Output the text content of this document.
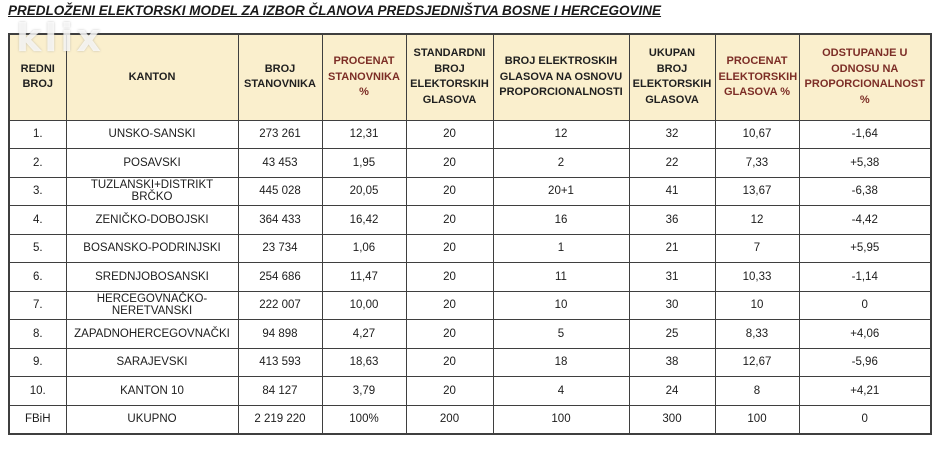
PREDLOŽENI ELEKTORSKI MODEL ZA IZBOR ČLANOVA PREDSJEDNIŠTVA BOSNE I HERCEGOVINE
REDNI BROJ	KANTON	BROJ STANOVNIKA	PROCENAT STANOVNIKA %	STANDARDNI BROJ ELEKTORSKIH GLASOVA	BROJ ELEKTROSKIH GLASOVA NA OSNOVU PROPORCIONALNOSTI	UKUPAN BROJ ELEKTORSKIH GLASOVA	PROCENAT ELEKTORSKIH GLASOVA %	ODSTUPANJE U ODNOSU NA PROPORCIONALNOST %
1.	UNSKO-SANSKI	273 261	12,31	20	12	32	10,67	-1,64
2.	POSAVSKI	43 453	1,95	20	2	22	7,33	+5,38
3.	TUZLANSKI+DISTRIKT BRČKO	445 028	20,05	20	20+1	41	13,67	-6,38
4.	ZENIČKO-DOBOJSKI	364 433	16,42	20	16	36	12	-4,42
5.	BOSANSKO-PODRINJSKI	23 734	1,06	20	1	21	7	+5,95
6.	SREDNJOBOSANSKI	254 686	11,47	20	11	31	10,33	-1,14
7.	HERCEGOVNAČKO-NERETVANSKI	222 007	10,00	20	10	30	10	0
8.	ZAPADNOHERCEGOVNAČKI	94 898	4,27	20	5	25	8,33	+4,06
9.	SARAJEVSKI	413 593	18,63	20	18	38	12,67	-5,96
10.	KANTON 10	84 127	3,79	20	4	24	8	+4,21
FBiH	UKUPNO	2 219 220	100%	200	100	300	100	0
klix
